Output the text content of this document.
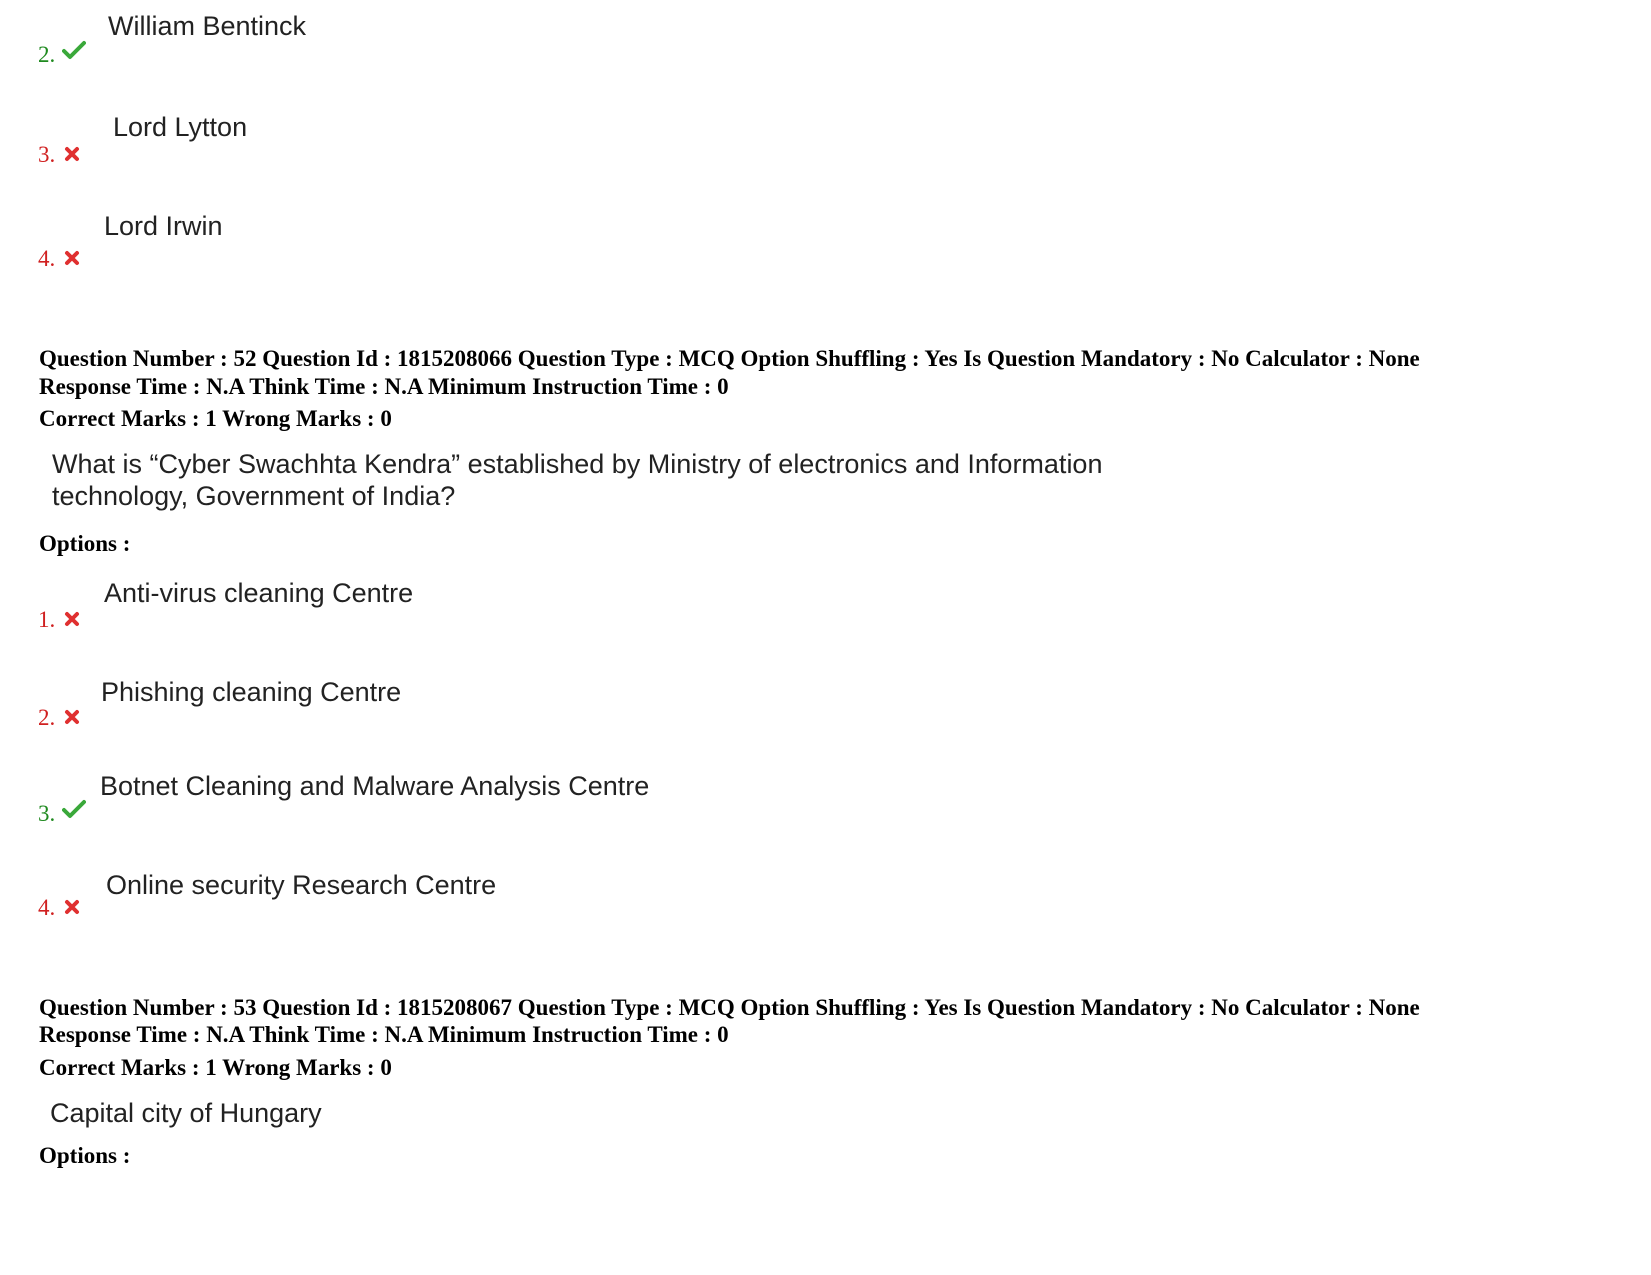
William Bentinck
2.
Lord Lytton
3.
Lord Irwin
4.
Question Number : 52 Question Id : 1815208066 Question Type : MCQ Option Shuffling : Yes Is Question Mandatory : No Calculator : None
Response Time : N.A Think Time : N.A Minimum Instruction Time : 0
Correct Marks : 1 Wrong Marks : 0
What is “Cyber Swachhta Kendra” established by Ministry of electronics and Information
technology, Government of India?
Options :
Anti-virus cleaning Centre
1.
Phishing cleaning Centre
2.
Botnet Cleaning and Malware Analysis Centre
3.
Online security Research Centre
4.
Question Number : 53 Question Id : 1815208067 Question Type : MCQ Option Shuffling : Yes Is Question Mandatory : No Calculator : None
Response Time : N.A Think Time : N.A Minimum Instruction Time : 0
Correct Marks : 1 Wrong Marks : 0
Capital city of Hungary
Options :
